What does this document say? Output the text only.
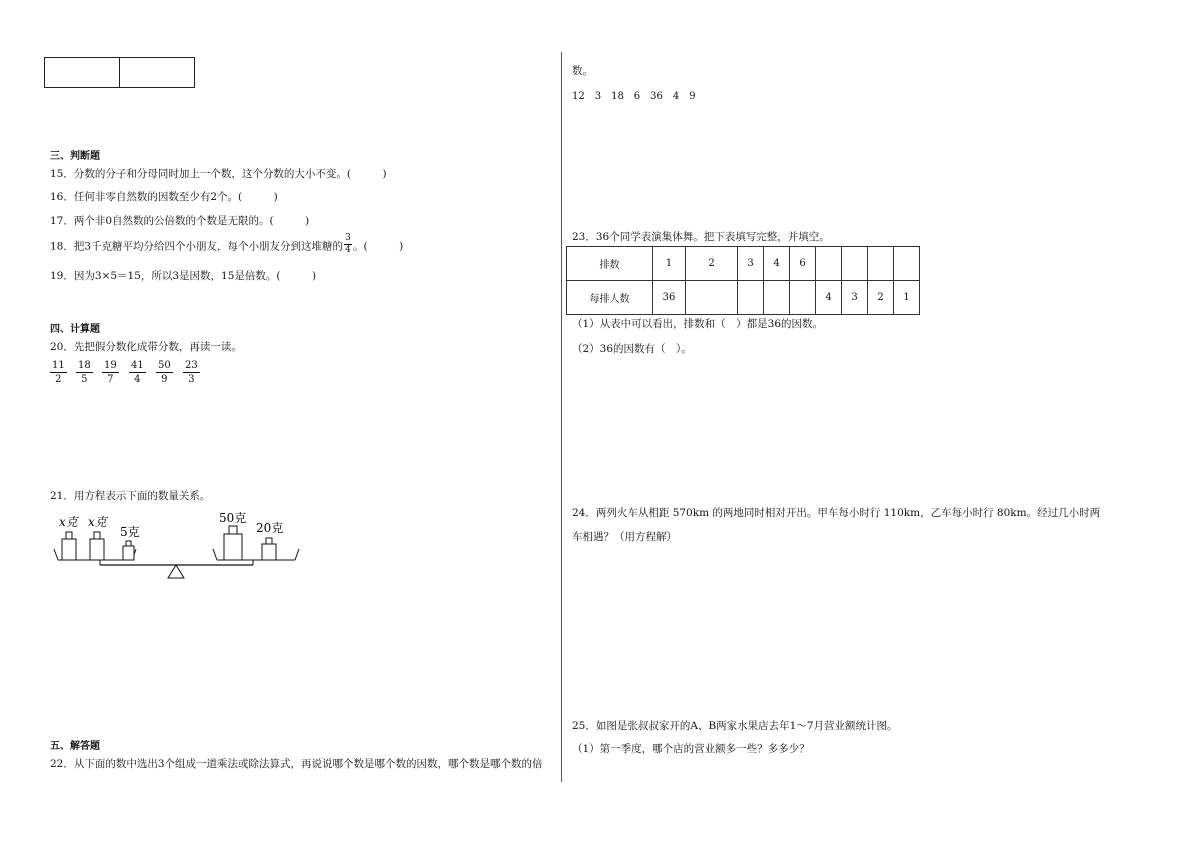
三、判断题
15．分数的分子和分母同时加上一个数，这个分数的大小不变。(　　　)
16．任何非零自然数的因数至少有2个。(　　　)
17．两个非0自然数的公倍数的个数是无限的。(　　　)
18．把3千克糖平均分给四个小朋友，每个小朋友分到这堆糖的 $\frac{3}{4}$ 。(　　　)
19．因为3×5＝15，所以3是因数，15是倍数。(　　　)
四、计算题
20．先把假分数化成带分数，再读一读。
11
2
18
5
19
7
41
4
50
9
23
3
21．用方程表示下面的数量关系。
x克 x克
5克
50克
20克
五、解答题
22．从下面的数中选出3个组成一道乘法或除法算式，再说说哪个数是哪个数的因数，哪个数是哪个数的倍
数。
12　3　18　6　36　4　9
23．36个同学表演集体舞。把下表填写完整，并填空。
排数	1	2	3	4	6				
每排人数	36					4	3	2	1
（1）从表中可以看出，排数和（　）都是36的因数。
（2）36的因数有（　）。
24．两列火车从相距 570km 的两地同时相对开出。甲车每小时行 110km，乙车每小时行 80km。经过几小时两
车相遇？（用方程解）
25．如图是张叔叔家开的A、B两家水果店去年1～7月营业额统计图。
（1）第一季度，哪个店的营业额多一些？多多少？
